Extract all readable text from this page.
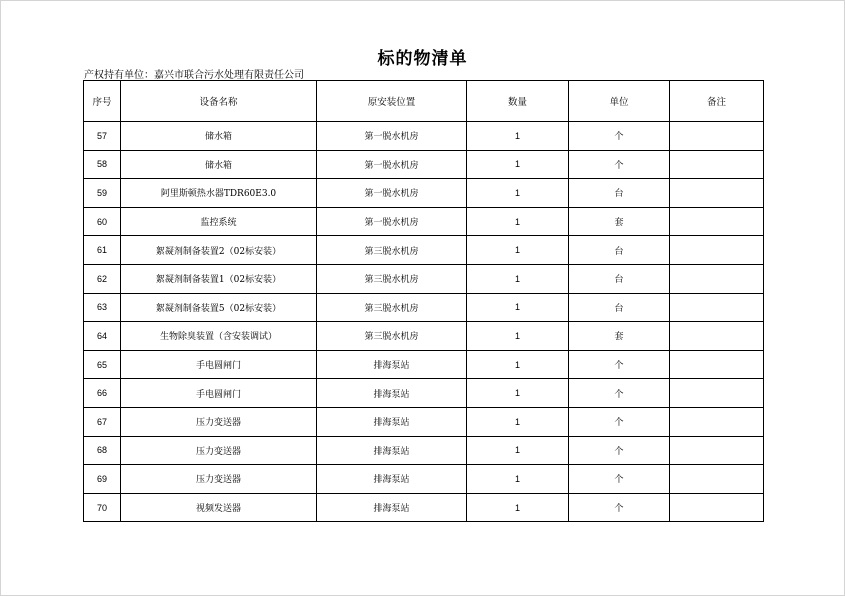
标的物清单
产权持有单位：嘉兴市联合污水处理有限责任公司
序号	设备名称	原安装位置	数量	单位	备注
57	储水箱	第一脱水机房	1	个	
58	储水箱	第一脱水机房	1	个	
59	阿里斯顿热水器TDR60E3.0	第一脱水机房	1	台	
60	监控系统	第一脱水机房	1	套	
61	絮凝剂制备装置2（02标安装）	第三脱水机房	1	台	
62	絮凝剂制备装置1（02标安装）	第三脱水机房	1	台	
63	絮凝剂制备装置5（02标安装）	第三脱水机房	1	台	
64	生物除臭装置（含安装调试）	第三脱水机房	1	套	
65	手电圆闸门	排海泵站	1	个	
66	手电圆闸门	排海泵站	1	个	
67	压力变送器	排海泵站	1	个	
68	压力变送器	排海泵站	1	个	
69	压力变送器	排海泵站	1	个	
70	视频发送器	排海泵站	1	个	
